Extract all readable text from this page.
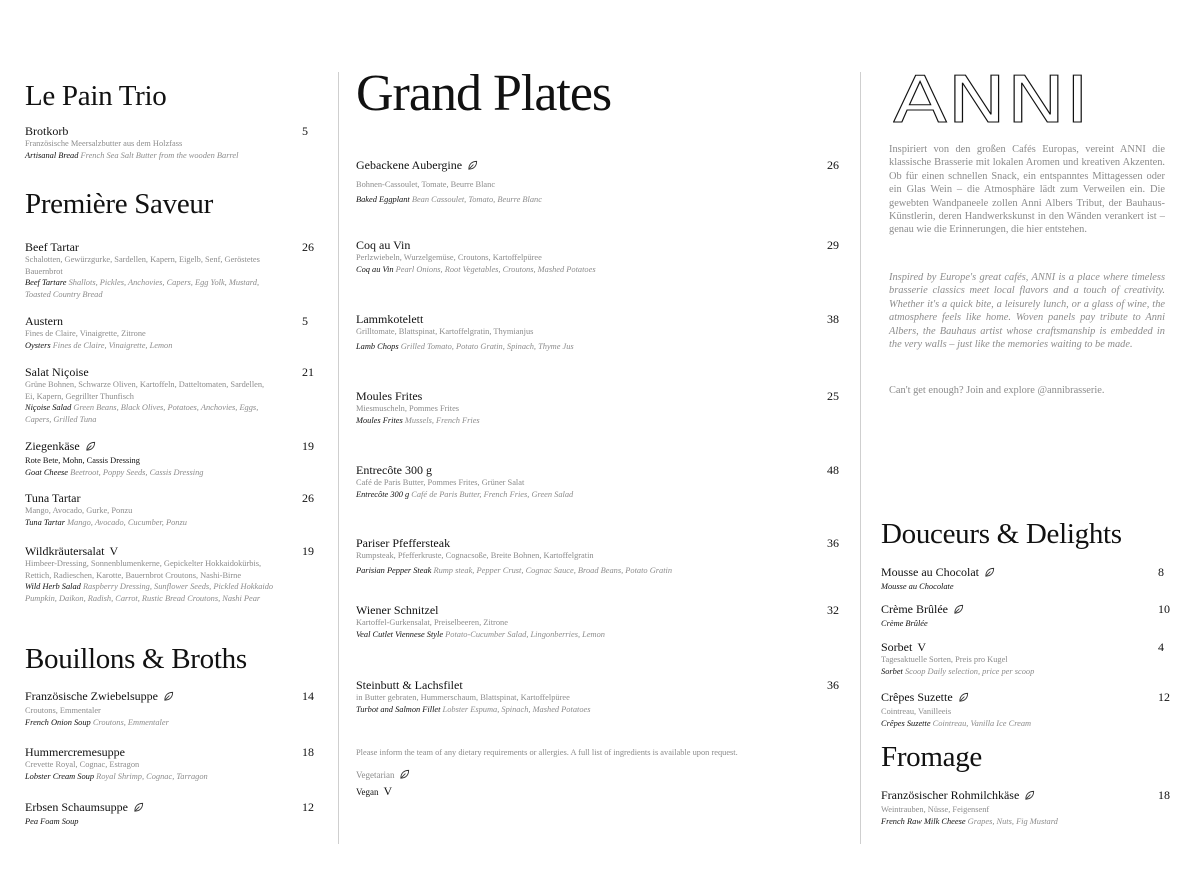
Le Pain Trio
Brotkorb	5
Französische Meersalzbutter aus dem Holzfass
Artisanal Bread French Sea Salt Butter from the wooden Barrel
Première Saveur
Beef Tartar	26
Schalotten, Gewürzgurke, Sardellen, Kapern, Eigelb, Senf, Geröstetes Bauernbrot
Beef Tartare Shallots, Pickles, Anchovies, Capers, Egg Yolk, Mustard, Toasted Country Bread
Austern	5
Fines de Claire, Vinaigrette, Zitrone
Oysters Fines de Claire, Vinaigrette, Lemon
Salat Niçoise	21
Grüne Bohnen, Schwarze Oliven, Kartoffeln, Datteltomaten, Sardellen, Ei, Kapern, Gegrillter Thunfisch
Niçoise Salad Green Beans, Black Olives, Potatoes, Anchovies, Eggs, Capers, Grilled Tuna
Ziegenkäse	19
Rote Bete, Mohn, Cassis Dressing
Goat Cheese Beetroot, Poppy Seeds, Cassis Dressing
Tuna Tartar	26
Mango, Avocado, Gurke, Ponzu
Tuna Tartar Mango, Avocado, Cucumber, Ponzu
Wildkräutersalat V	19
Himbeer-Dressing, Sonnenblumenkerne, Gepickelter Hokkaidokürbis, Rettich, Radieschen, Karotte, Bauernbrot Croutons, Nashi-Birne
Wild Herb Salad Raspberry Dressing, Sunflower Seeds, Pickled Hokkaido Pumpkin, Daikon, Radish, Carrot, Rustic Bread Croutons, Nashi Pear
Bouillons & Broths
Französische Zwiebelsuppe	14
Croutons, Emmentaler
French Onion Soup Croutons, Emmentaler
Hummercremesuppe	18
Crevette Royal, Cognac, Estragon
Lobster Cream Soup Royal Shrimp, Cognac, Tarragon
Erbsen Schaumsuppe	12
Pea Foam Soup
Grand Plates
Gebackene Aubergine	26
Bohnen-Cassoulet, Tomate, Beurre Blanc
Baked Eggplant Bean Cassoulet, Tomato, Beurre Blanc
Coq au Vin	29
Perlzwiebeln, Wurzelgemüse, Croutons, Kartoffelpüree
Coq au Vin Pearl Onions, Root Vegetables, Croutons, Mashed Potatoes
Lammkotelett	38
Grilltomate, Blattspinat, Kartoffelgratin, Thymianjus
Lamb Chops Grilled Tomato, Potato Gratin, Spinach, Thyme Jus
Moules Frites	25
Miesmuscheln, Pommes Frites
Moules Frites Mussels, French Fries
Entrecôte 300 g	48
Café de Paris Butter, Pommes Frites, Grüner Salat
Entrecôte 300 g Café de Paris Butter, French Fries, Green Salad
Pariser Pfeffersteak	36
Rumpsteak, Pfefferkruste, Cognacsoße, Breite Bohnen, Kartoffelgratin
Parisian Pepper Steak Rump steak, Pepper Crust, Cognac Sauce, Broad Beans, Potato Gratin
Wiener Schnitzel	32
Kartoffel-Gurkensalat, Preiselbeeren, Zitrone
Veal Cutlet Viennese Style Potato-Cucumber Salad, Lingonberries, Lemon
Steinbutt & Lachsfilet	36
in Butter gebraten, Hummerschaum, Blattspinat, Kartoffelpüree
Turbot and Salmon Fillet Lobster Espuma, Spinach, Mashed Potatoes
Please inform the team of any dietary requirements or allergies. A full list of ingredients is available upon request.
Vegetarian
Vegan V
ANNI
Inspiriert von den großen Cafés Europas, vereint ANNI die klassische Brasserie mit lokalen Aromen und kreativen Akzenten. Ob für einen schnellen Snack, ein entspanntes Mittagessen oder ein Glas Wein – die Atmosphäre lädt zum Verweilen ein. Die gewebten Wandpaneele zollen Anni Albers Tribut, der Bauhaus-Künstlerin, deren Handwerkskunst in den Wänden verankert ist – genau wie die Erinnerungen, die hier entstehen.
Inspired by Europe's great cafés, ANNI is a place where timeless brasserie classics meet local flavors and a touch of creativity. Whether it's a quick bite, a leisurely lunch, or a glass of wine, the atmosphere feels like home. Woven panels pay tribute to Anni Albers, the Bauhaus artist whose craftsmanship is embedded in the very walls – just like the memories waiting to be made.
Can't get enough? Join and explore @annibrasserie.
Douceurs & Delights
Mousse au Chocolat	8
Mousse au Chocolate
Crème Brûlée	10
Crème Brûlée
Sorbet V	4
Tagesaktuelle Sorten, Preis pro Kugel
Sorbet Scoop Daily selection, price per scoop
Crêpes Suzette	12
Cointreau, Vanilleeis
Crêpes Suzette Cointreau, Vanilla Ice Cream
Fromage
Französischer Rohmilchkäse	18
Weintrauben, Nüsse, Feigensenf
French Raw Milk Cheese Grapes, Nuts, Fig Mustard
